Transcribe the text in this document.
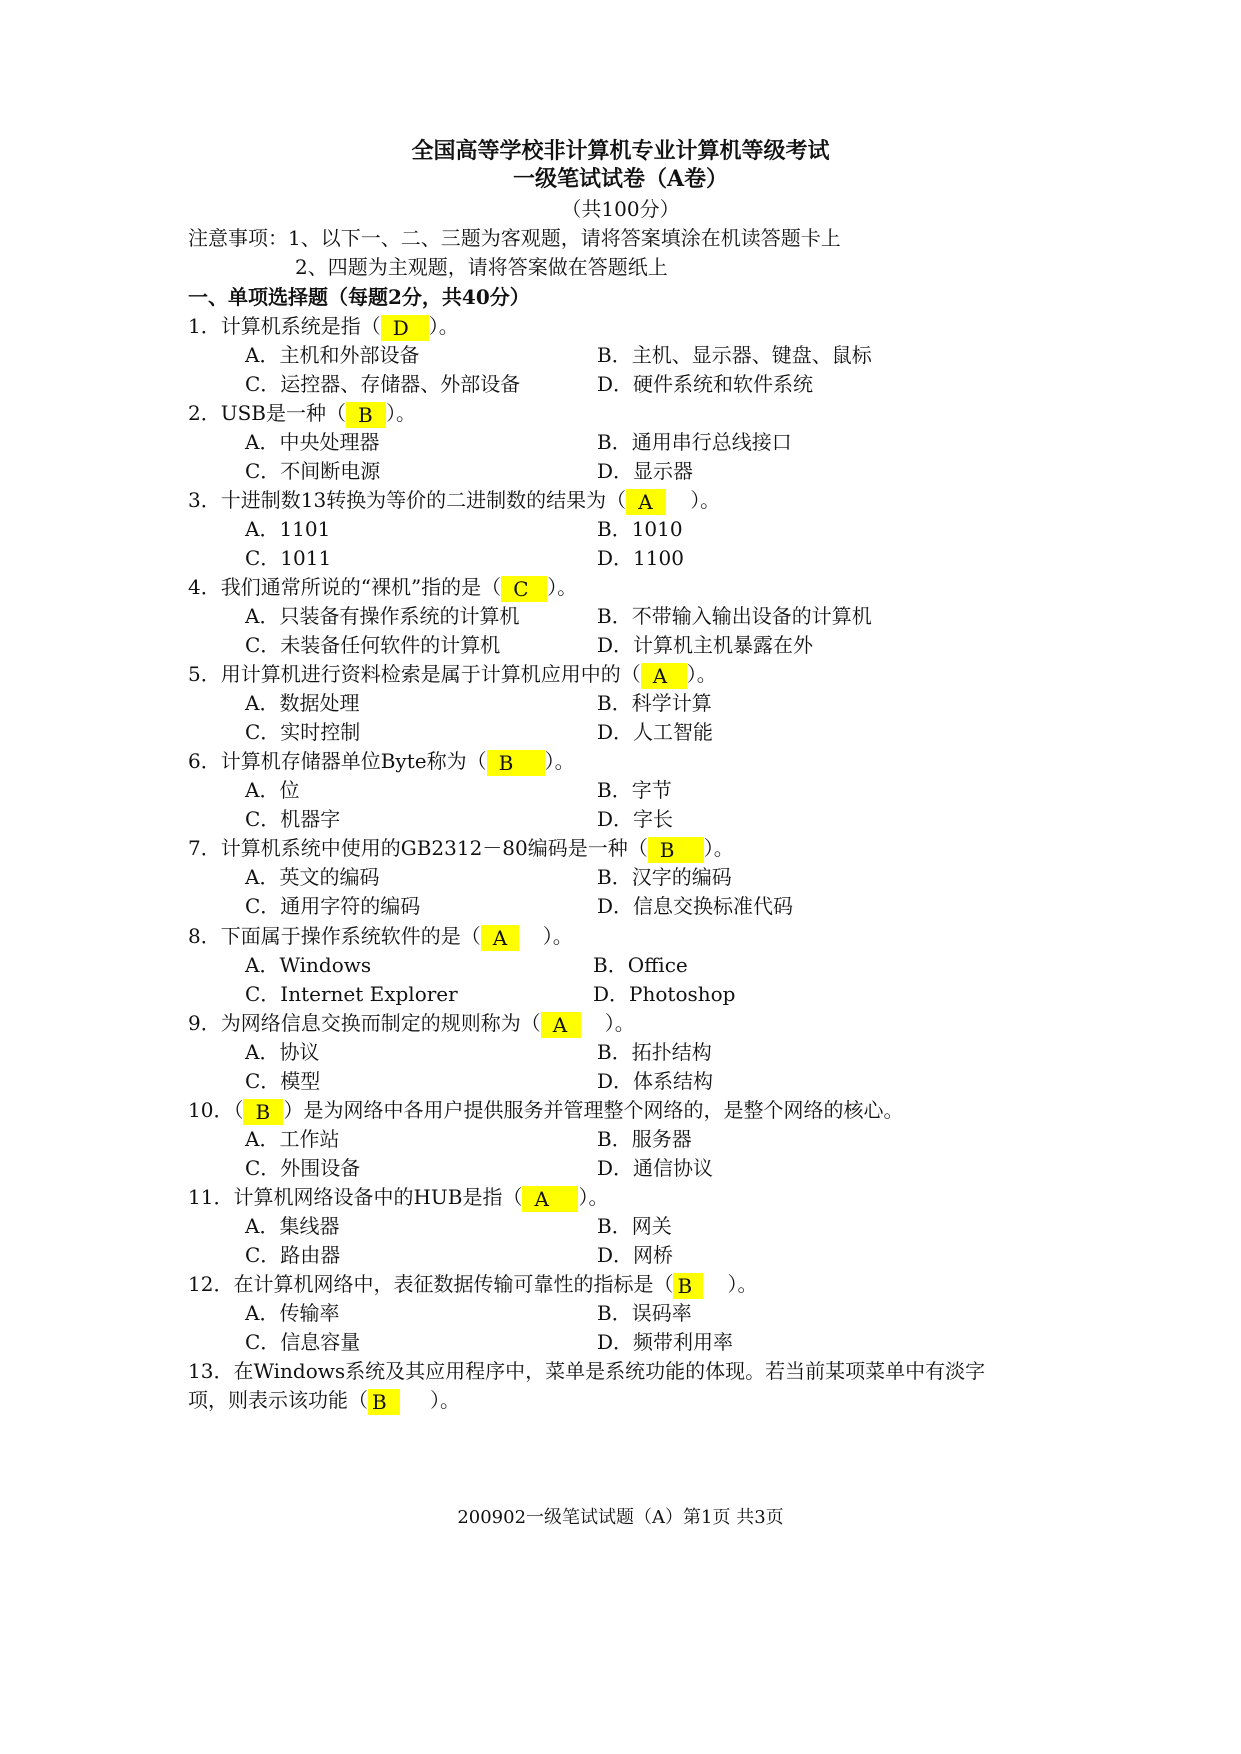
全国高等学校非计算机专业计算机等级考试
一级笔试试卷（A卷）
（共100分）
注意事项：1、以下一、二、三题为客观题，请将答案填涂在机读答题卡上
2、四题为主观题，请将答案做在答题纸上
一、单项选择题（每题2分，共40分）
1．计算机系统是指（ D ）。
A．主机和外部设备	B．主机、显示器、键盘、鼠标
C．运控器、存储器、外部设备	D．硬件系统和软件系统
2．USB是一种（ B ）。
A．中央处理器	B．通用串行总线接口
C．不间断电源	D．显示器
3．十进制数13转换为等价的二进制数的结果为（ A ）。
A．1101	B．1010
C．1011	D．1100
4．我们通常所说的“裸机”指的是（ C ）。
A．只装备有操作系统的计算机	B．不带输入输出设备的计算机
C．未装备任何软件的计算机	D．计算机主机暴露在外
5．用计算机进行资料检索是属于计算机应用中的（ A ）。
A．数据处理	B．科学计算
C．实时控制	D．人工智能
6．计算机存储器单位Byte称为（ B ）。
A．位	B．字节
C．机器字	D．字长
7．计算机系统中使用的GB2312－80编码是一种（ B ）。
A．英文的编码	B．汉字的编码
C．通用字符的编码	D．信息交换标准代码
8．下面属于操作系统软件的是（ A ）。
A．Windows	B．Office
C．Internet Explorer	D．Photoshop
9．为网络信息交换而制定的规则称为（ A ）。
A．协议	B．拓扑结构
C．模型	D．体系结构
10．（ B ）是为网络中各用户提供服务并管理整个网络的，是整个网络的核心。
A．工作站	B．服务器
C．外围设备	D．通信协议
11．计算机网络设备中的HUB是指（ A ）。
A．集线器	B．网关
C．路由器	D．网桥
12．在计算机网络中，表征数据传输可靠性的指标是（ B ）。
A．传输率	B．误码率
C．信息容量	D．频带利用率
13．在Windows系统及其应用程序中，菜单是系统功能的体现。若当前某项菜单中有淡字
项，则表示该功能（ B ）。
200902一级笔试试题（A）第1页 共3页
